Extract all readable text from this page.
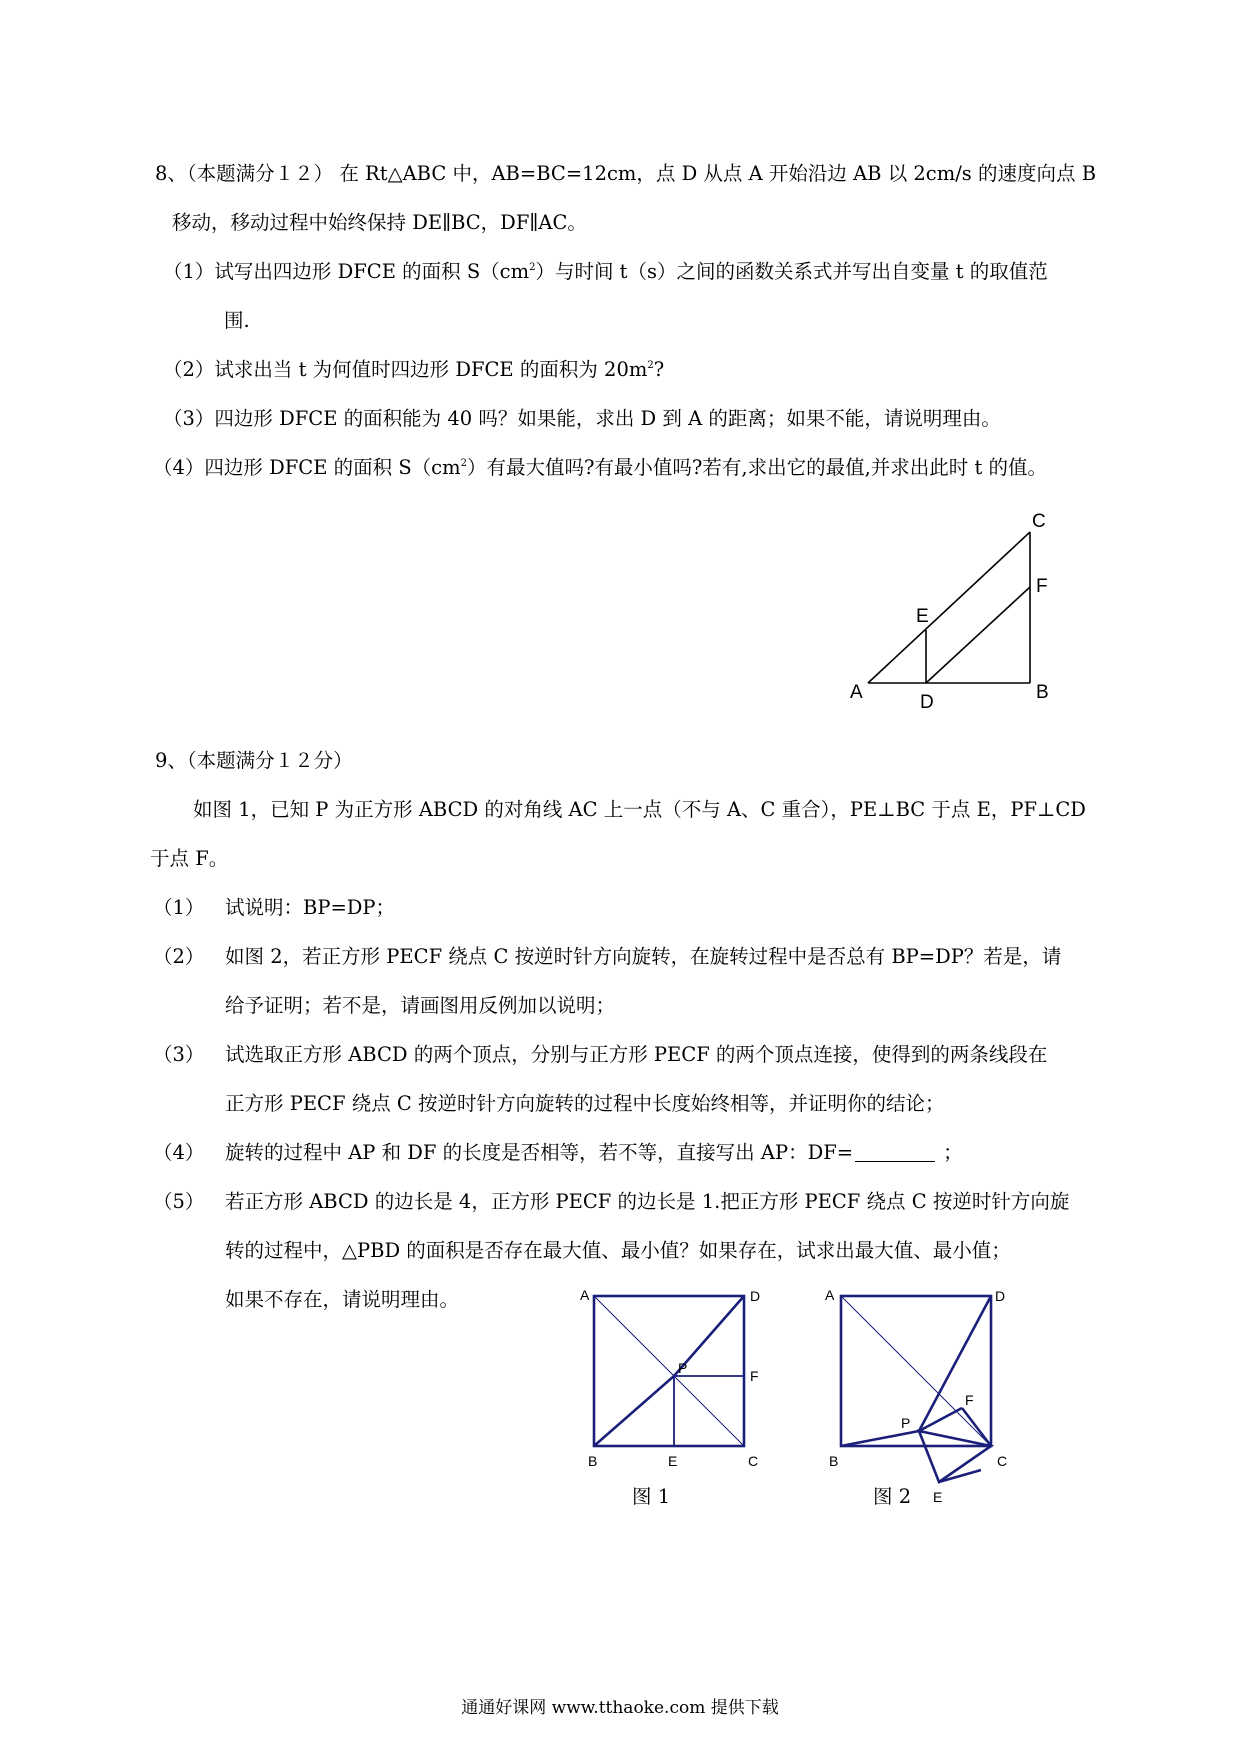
8、（本题满分１２） 在 Rt△ABC 中，AB=BC=12cm，点 D 从点 A 开始沿边 AB 以 2cm/s 的速度向点 B
移动，移动过程中始终保持 DE∥BC，DF∥AC。
（1）试写出四边形 DFCE 的面积 $S(cm^2)$与时间 t（s）之间的函数关系式并写出自变量 t 的取值范
围.
（2）试求出当 t 为何值时四边形 DFCE 的面积为 $20m^2$?
（3）四边形 DFCE 的面积能为 40 吗？如果能，求出 D 到 A 的距离；如果不能，请说明理由。
（4）四边形 DFCE 的面积 $S(cm^2)$有最大值吗?有最小值吗?若有,求出它的最值,并求出此时 t 的值。
A	D	B
E
F
C
9、（本题满分１２分）
如图 1，已知 P 为正方形 ABCD 的对角线 AC 上一点（不与 A、C 重合），PE⊥BC 于点 E，PF⊥CD
于点 F。
（1） 试说明：BP=DP；
（2） 如图 2，若正方形 PECF 绕点 C 按逆时针方向旋转，在旋转过程中是否总有 BP=DP？若是，请
给予证明；若不是，请画图用反例加以说明；
（3） 试选取正方形 ABCD 的两个顶点，分别与正方形 PECF 的两个顶点连接，使得到的两条线段在
正方形 PECF 绕点 C 按逆时针方向旋转的过程中长度始终相等，并证明你的结论；
（4） 旋转的过程中 AP 和 DF 的长度是否相等，若不等，直接写出 AP：DF=	；
（5） 若正方形 ABCD 的边长是 4，正方形 PECF 的边长是 1.把正方形 PECF 绕点 C 按逆时针方向旋
转的过程中，△PBD 的面积是否存在最大值、最小值？如果存在，试求出最大值、最小值；
如果不存在，请说明理由。	A	D
P	F
B	E	C
A	D
F
P
B	C
E
图 1	图 2
通通好课网 www.tthaoke.com 提供下载
